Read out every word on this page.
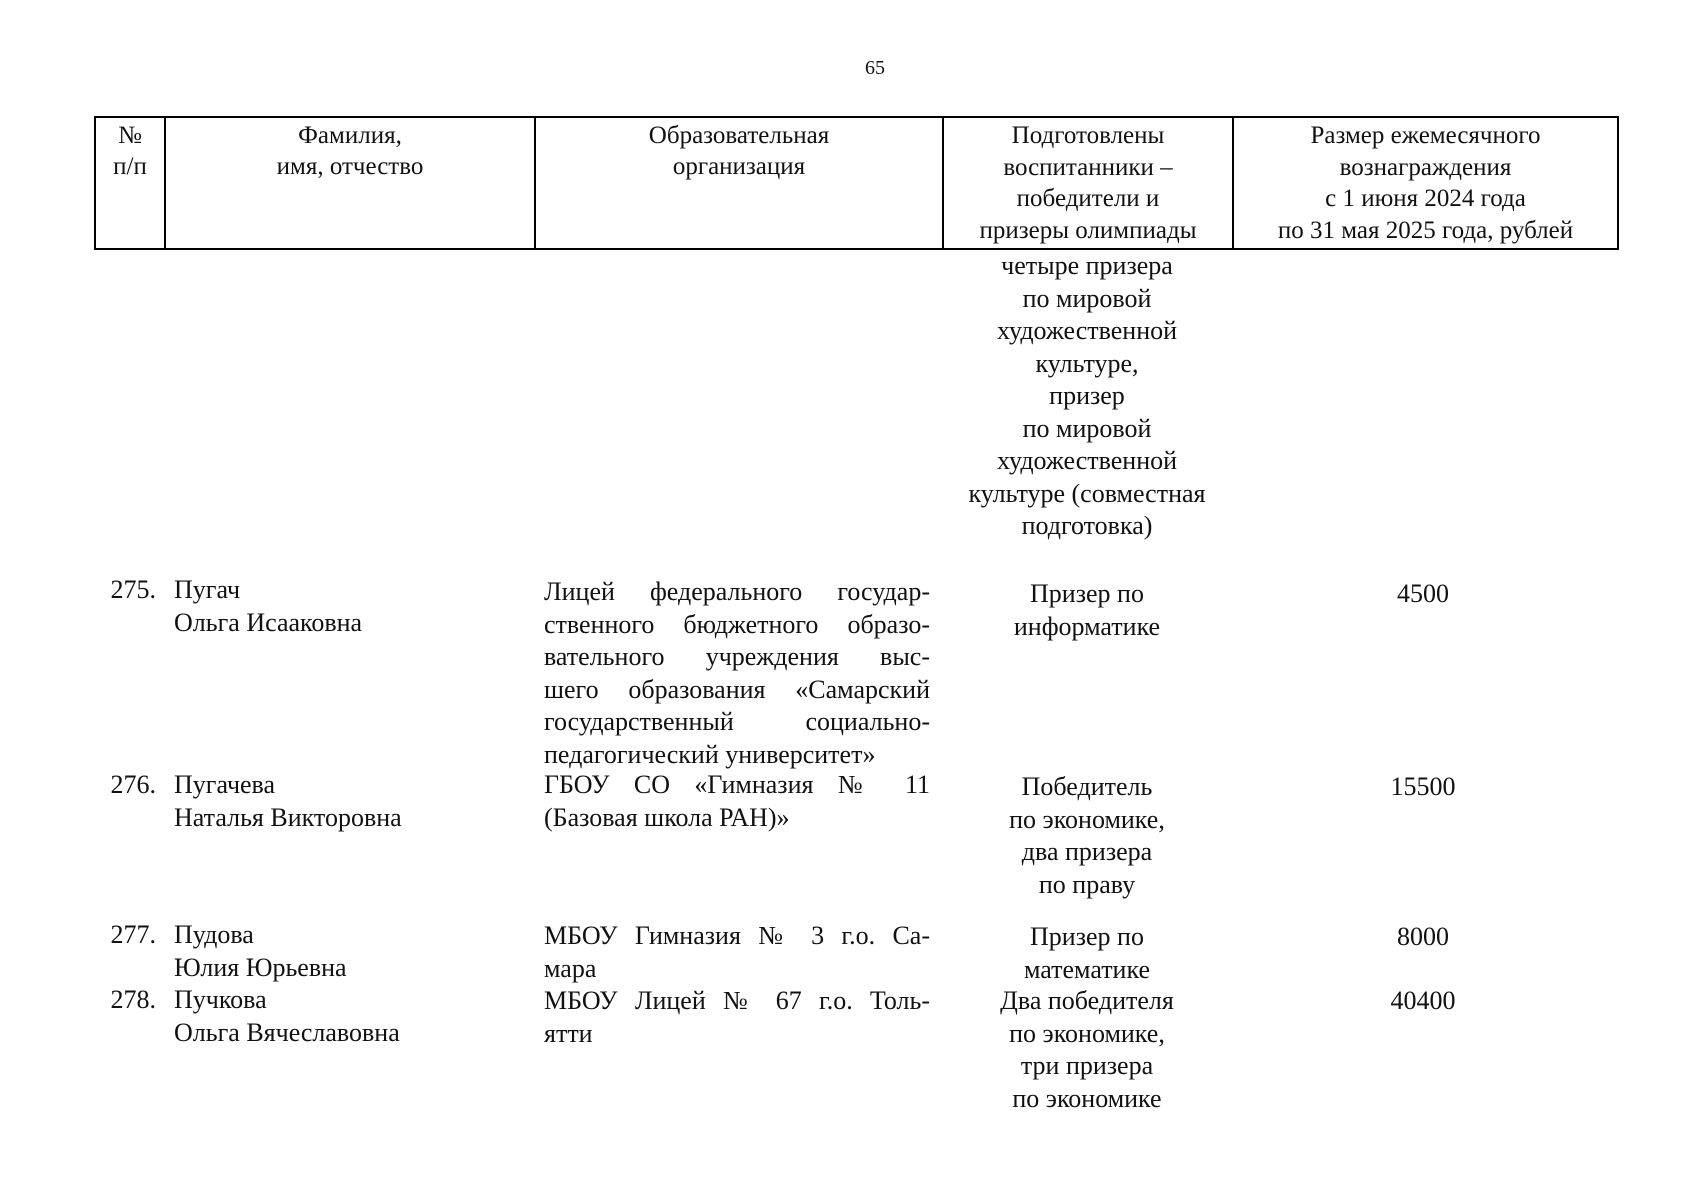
65
№
п/п
Фамилия,
имя, отчество
Образовательная
организация
Подготовлены
воспитанники –
победители и
призеры олимпиады
Размер ежемесячного
вознаграждения
с 1 июня 2024 года
по 31 мая 2025 года, рублей
четыре призера
по мировой
художественной
культуре,
призер
по мировой
художественной
культуре (совместная
подготовка)
275. Пугач
Ольга Исааковна
Лицей федерального государ-
ственного бюджетного образо-
вательного учреждения выс-
шего образования «Самарский
государственный социально-
педагогический университет»
Призер по
информатике
4500
276. Пугачева
Наталья Викторовна
ГБОУ СО «Гимназия № 11
(Базовая школа РАН)»
Победитель
по экономике,
два призера
по праву
15500
277. Пудова
Юлия Юрьевна
МБОУ Гимназия № 3 г.о. Са-
мара
Призер по
математике
8000
278. Пучкова
Ольга Вячеславовна
МБОУ Лицей № 67 г.о. Толь-
ятти
Два победителя
по экономике,
три призера
по экономике
40400
